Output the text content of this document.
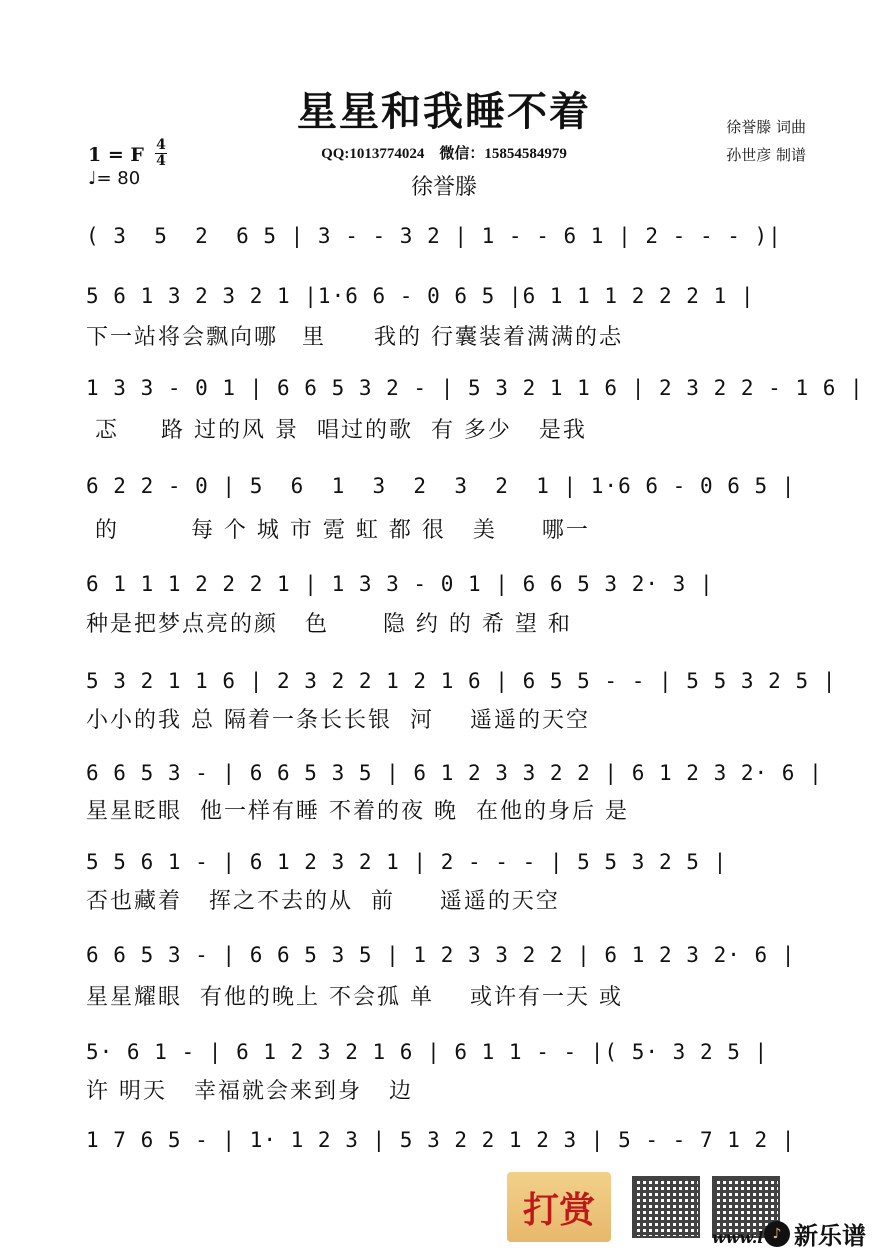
星星和我睡不着
QQ:1013774024　微信：15854584979
徐誉滕
徐誉滕 词曲
孙世彦 制谱
1 = F 4
4
♩= 80
( 3  5  2  6 5 | 3 - - 3 2 | 1 - - 6 1 | 2 - - - )|
5 6 1 3 2 3 2 1 |1·6 6 - 0 6 5 |6 1 1 1 2 2 2 1 |
下一站将会飘向哪　里　　我的 行囊装着满满的忐
1 3 3 - 0 1 | 6 6 5 3 2 - | 5 3 2 1 1 6 | 2 3 2 2 - 1 6 |
忑　  路 过的风 景  唱过的歌  有 多少   是我
6 2 2 - 0 | 5  6  1  3  2  3  2  1 | 1·6 6 - 0 6 5 |
的        每 个 城 市 霓 虹 都 很   美     哪一
6 1 1 1 2 2 2 1 | 1 3 3 - 0 1 | 6 6 5 3 2· 3 |
种是把梦点亮的颜   色      隐 约 的 希 望 和
5 3 2 1 1 6 | 2 3 2 2 1 2 1 6 | 6 5 5 - - | 5 5 3 2 5 |
小小的我 总 隔着一条长长银  河    遥遥的天空
6 6 5 3 - | 6 6 5 3 5 | 6 1 2 3 3 2 2 | 6 1 2 3 2· 6 |
星星眨眼  他一样有睡 不着的夜 晚  在他的身后 是
5 5 6 1 - | 6 1 2 3 2 1 | 2 - - - | 5 5 3 2 5 |
否也藏着   挥之不去的从  前     遥遥的天空
6 6 5 3 - | 6 6 5 3 5 | 1 2 3 3 2 2 | 6 1 2 3 2· 6 |
星星耀眼  有他的晚上 不会孤 单    或许有一天 或
5· 6 1 - | 6 1 2 3 2 1 6 | 6 1 1 - - |( 5· 3 2 5 |
许 明天   幸福就会来到身   边
1 7 6 5 - | 1· 1 2 3 | 5 3 2 2 1 2 3 | 5 - - 7 1 2 |
打赏
www.l ♪ 新乐谱
